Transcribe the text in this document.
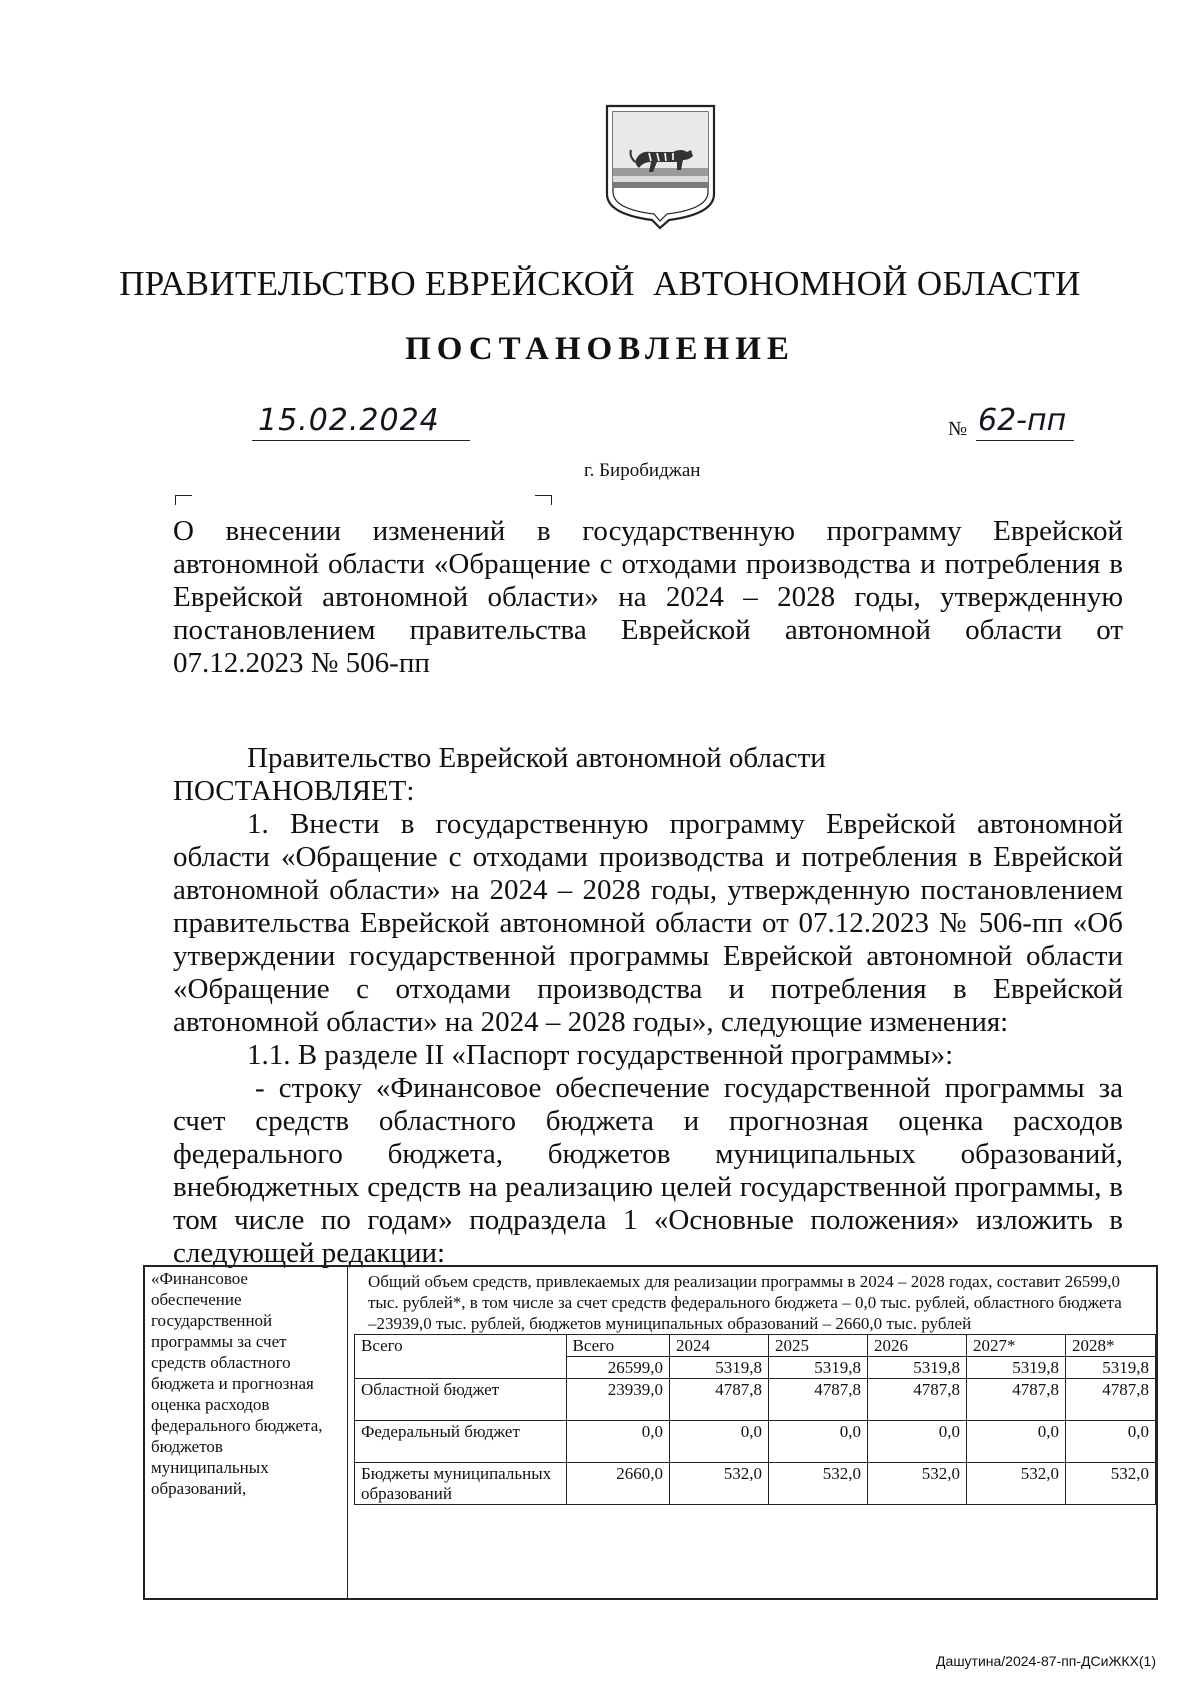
ПРАВИТЕЛЬСТВО ЕВРЕЙСКОЙ  АВТОНОМНОЙ ОБЛАСТИ
ПОСТАНОВЛЕНИЕ
15.02.2024	№ 62-пп
г. Биробиджан
О внесении изменений в государственную программу Еврейской автономной области «Обращение с отходами производства и потребления в Еврейской автономной области» на 2024 – 2028 годы, утвержденную постановлением правительства Еврейской автономной области от 07.12.2023 № 506-пп

Правительство Еврейской автономной области

ПОСТАНОВЛЯЕТ:

1. Внести в государственную программу Еврейской автономной области «Обращение с отходами производства и потребления в Еврейской автономной области» на 2024 – 2028 годы, утвержденную постановлением правительства Еврейской автономной области от 07.12.2023 № 506-пп «Об утверждении государственной программы Еврейской автономной области «Обращение с отходами производства и потребления в Еврейской автономной области» на 2024 – 2028 годы», следующие изменения:

1.1. В разделе II «Паспорт государственной программы»:

- строку «Финансовое обеспечение государственной программы за счет средств областного бюджета и прогнозная оценка расходов федерального бюджета, бюджетов муниципальных образований, внебюджетных средств на реализацию целей государственной программы, в том числе по годам» подраздела 1 «Основные положения» изложить в следующей редакции:

«Финансовое обеспечение государственной программы за счет средств областного бюджета и прогнозная оценка расходов федерального бюджета, бюджетов муниципальных образований,

Общий объем средств, привлекаемых для реализации программы в 2024 – 2028 годах, составит 26599,0 тыс. рублей*, в том числе за счет средств федерального бюджета – 0,0 тыс. рублей, областного бюджета –23939,0 тыс. рублей, бюджетов муниципальных образований – 2660,0 тыс. рублей

Всего	Всего	2024	2025	2026	2027*	2028*
	26599,0	5319,8	5319,8	5319,8	5319,8	5319,8
Областной бюджет	23939,0	4787,8	4787,8	4787,8	4787,8	4787,8
Федеральный бюджет	0,0	0,0	0,0	0,0	0,0	0,0
Бюджеты муниципальных образований	2660,0	532,0	532,0	532,0	532,0	532,0
Дашутина/2024-87-пп-ДСиЖКХ(1)
